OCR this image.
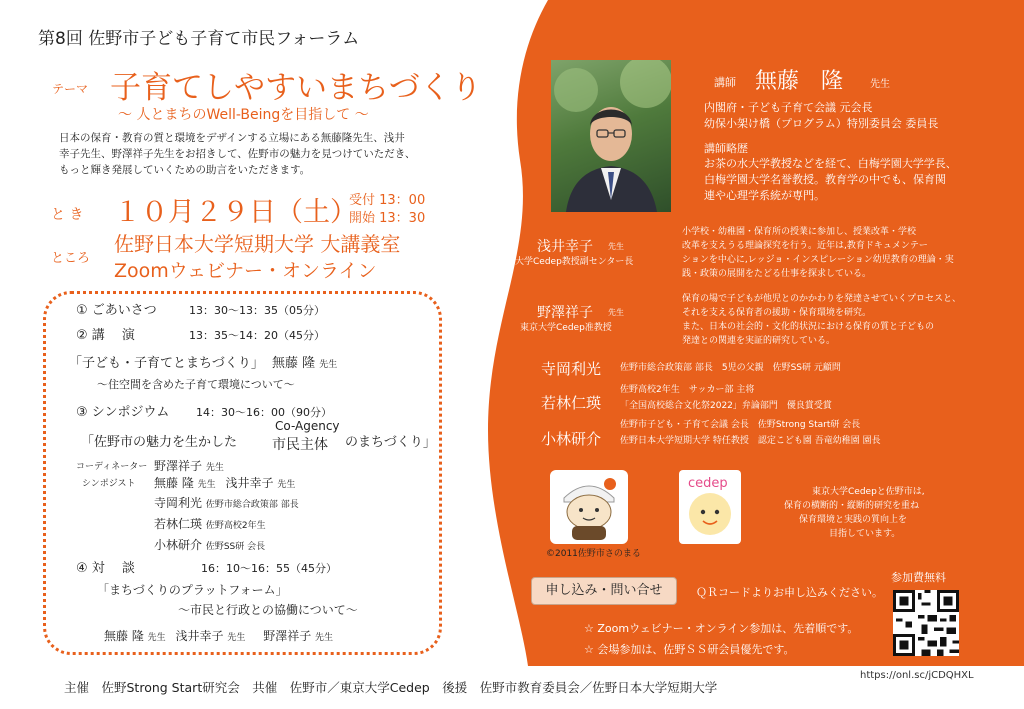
第8回 佐野市子ども子育て市民フォーラム
テーマ 子育てしやすいまちづくり
～ 人とまちのWell-Beingを目指して ～
日本の保育・教育の質と環境をデザインする立場にある無藤隆先生、浅井
幸子先生、野澤祥子先生をお招きして、佐野市の魅力を見つけていただき、
もっと輝き発展していくための助言をいただきます。
と き １０月２９日（土）
受付 13：00
開始 13：30
ところ
佐野日本大学短期大学 大講義室
Zoomウェビナー・オンライン
① ごあいさつ	13：30～13：35（05分）
② 講　 演	13：35～14：20（45分）
「子ども・子育てとまちづくり」 無藤 隆 先生
～住空間を含めた子育て環境について～
③ シンポジウム 14：30～16：00（90分）
「佐野市の魅力を生かした
Co-Agency
市民主体 のまちづくり」
コーディネーター 野澤祥子 先生
シンポジスト 無藤 隆 先生 浅井幸子 先生
寺岡利光 佐野市総合政策部 部長
若林仁瑛 佐野高校2年生
小林研介 佐野SS研 会長
④ 対　 談	16：10～16：55（45分）
「まちづくりのプラットフォーム」
～市民と行政との協働について～
無藤 隆 先生 浅井幸子 先生 野澤祥子 先生
講師 無藤　隆	先生
内閣府・子ども子育て会議 元会長
幼保小架け橋（プログラム）特別委員会 委員長
講師略歴
お茶の水大学教授などを経て、白梅学園大学学長、
白梅学園大学名誉教授。教育学の中でも、保育関
連や心理学系統が専門。
浅井幸子 先生
東京大学Cedep教授副センター長
小学校・幼稚園・保育所の授業に参加し、授業改革・学校
改革を支えうる理論探究を行う。近年は,教育ドキュメンテー
ションを中心に,レッジョ・インスピレーション幼児教育の理論・実
践・政策の展開をたどる仕事を探求している。
野澤祥子 先生
東京大学Cedep准教授
保育の場で子どもが他児とのかかわりを発達させていくプロセスと、
それを支える保育者の援助・保育環境を研究。
また、日本の社会的・文化的状況における保育の質と子どもの
発達との関連を実証的研究している。
寺岡利光 佐野市総合政策部 部長　5児の父親　佐野SS研 元顧問
若林仁瑛
佐野高校2年生　サッカー部 主将
「全国高校総合文化祭2022」弁論部門　優良賞受賞
小林研介
佐野市子ども・子育て会議 会長　佐野Strong Start研 会長
佐野日本大学短期大学 特任教授　認定こども園 吾竜幼稚園 園長
©2011佐野市さのまる
cedep
東京大学Cedepと佐野市は,
保育の横断的・縦断的研究を重ね
保育環境と実践の質向上を
目指しています。
申し込み・問い合せ	ＱＲコードよりお申し込みください。
参加費無料
☆ Zoomウェビナー・オンライン参加は、先着順です。
☆ 会場参加は、佐野ＳＳ研会員優先です。
https://onl.sc/jCDQHXL
主催　佐野Strong Start研究会　共催　佐野市／東京大学Cedep　後援　佐野市教育委員会／佐野日本大学短期大学
